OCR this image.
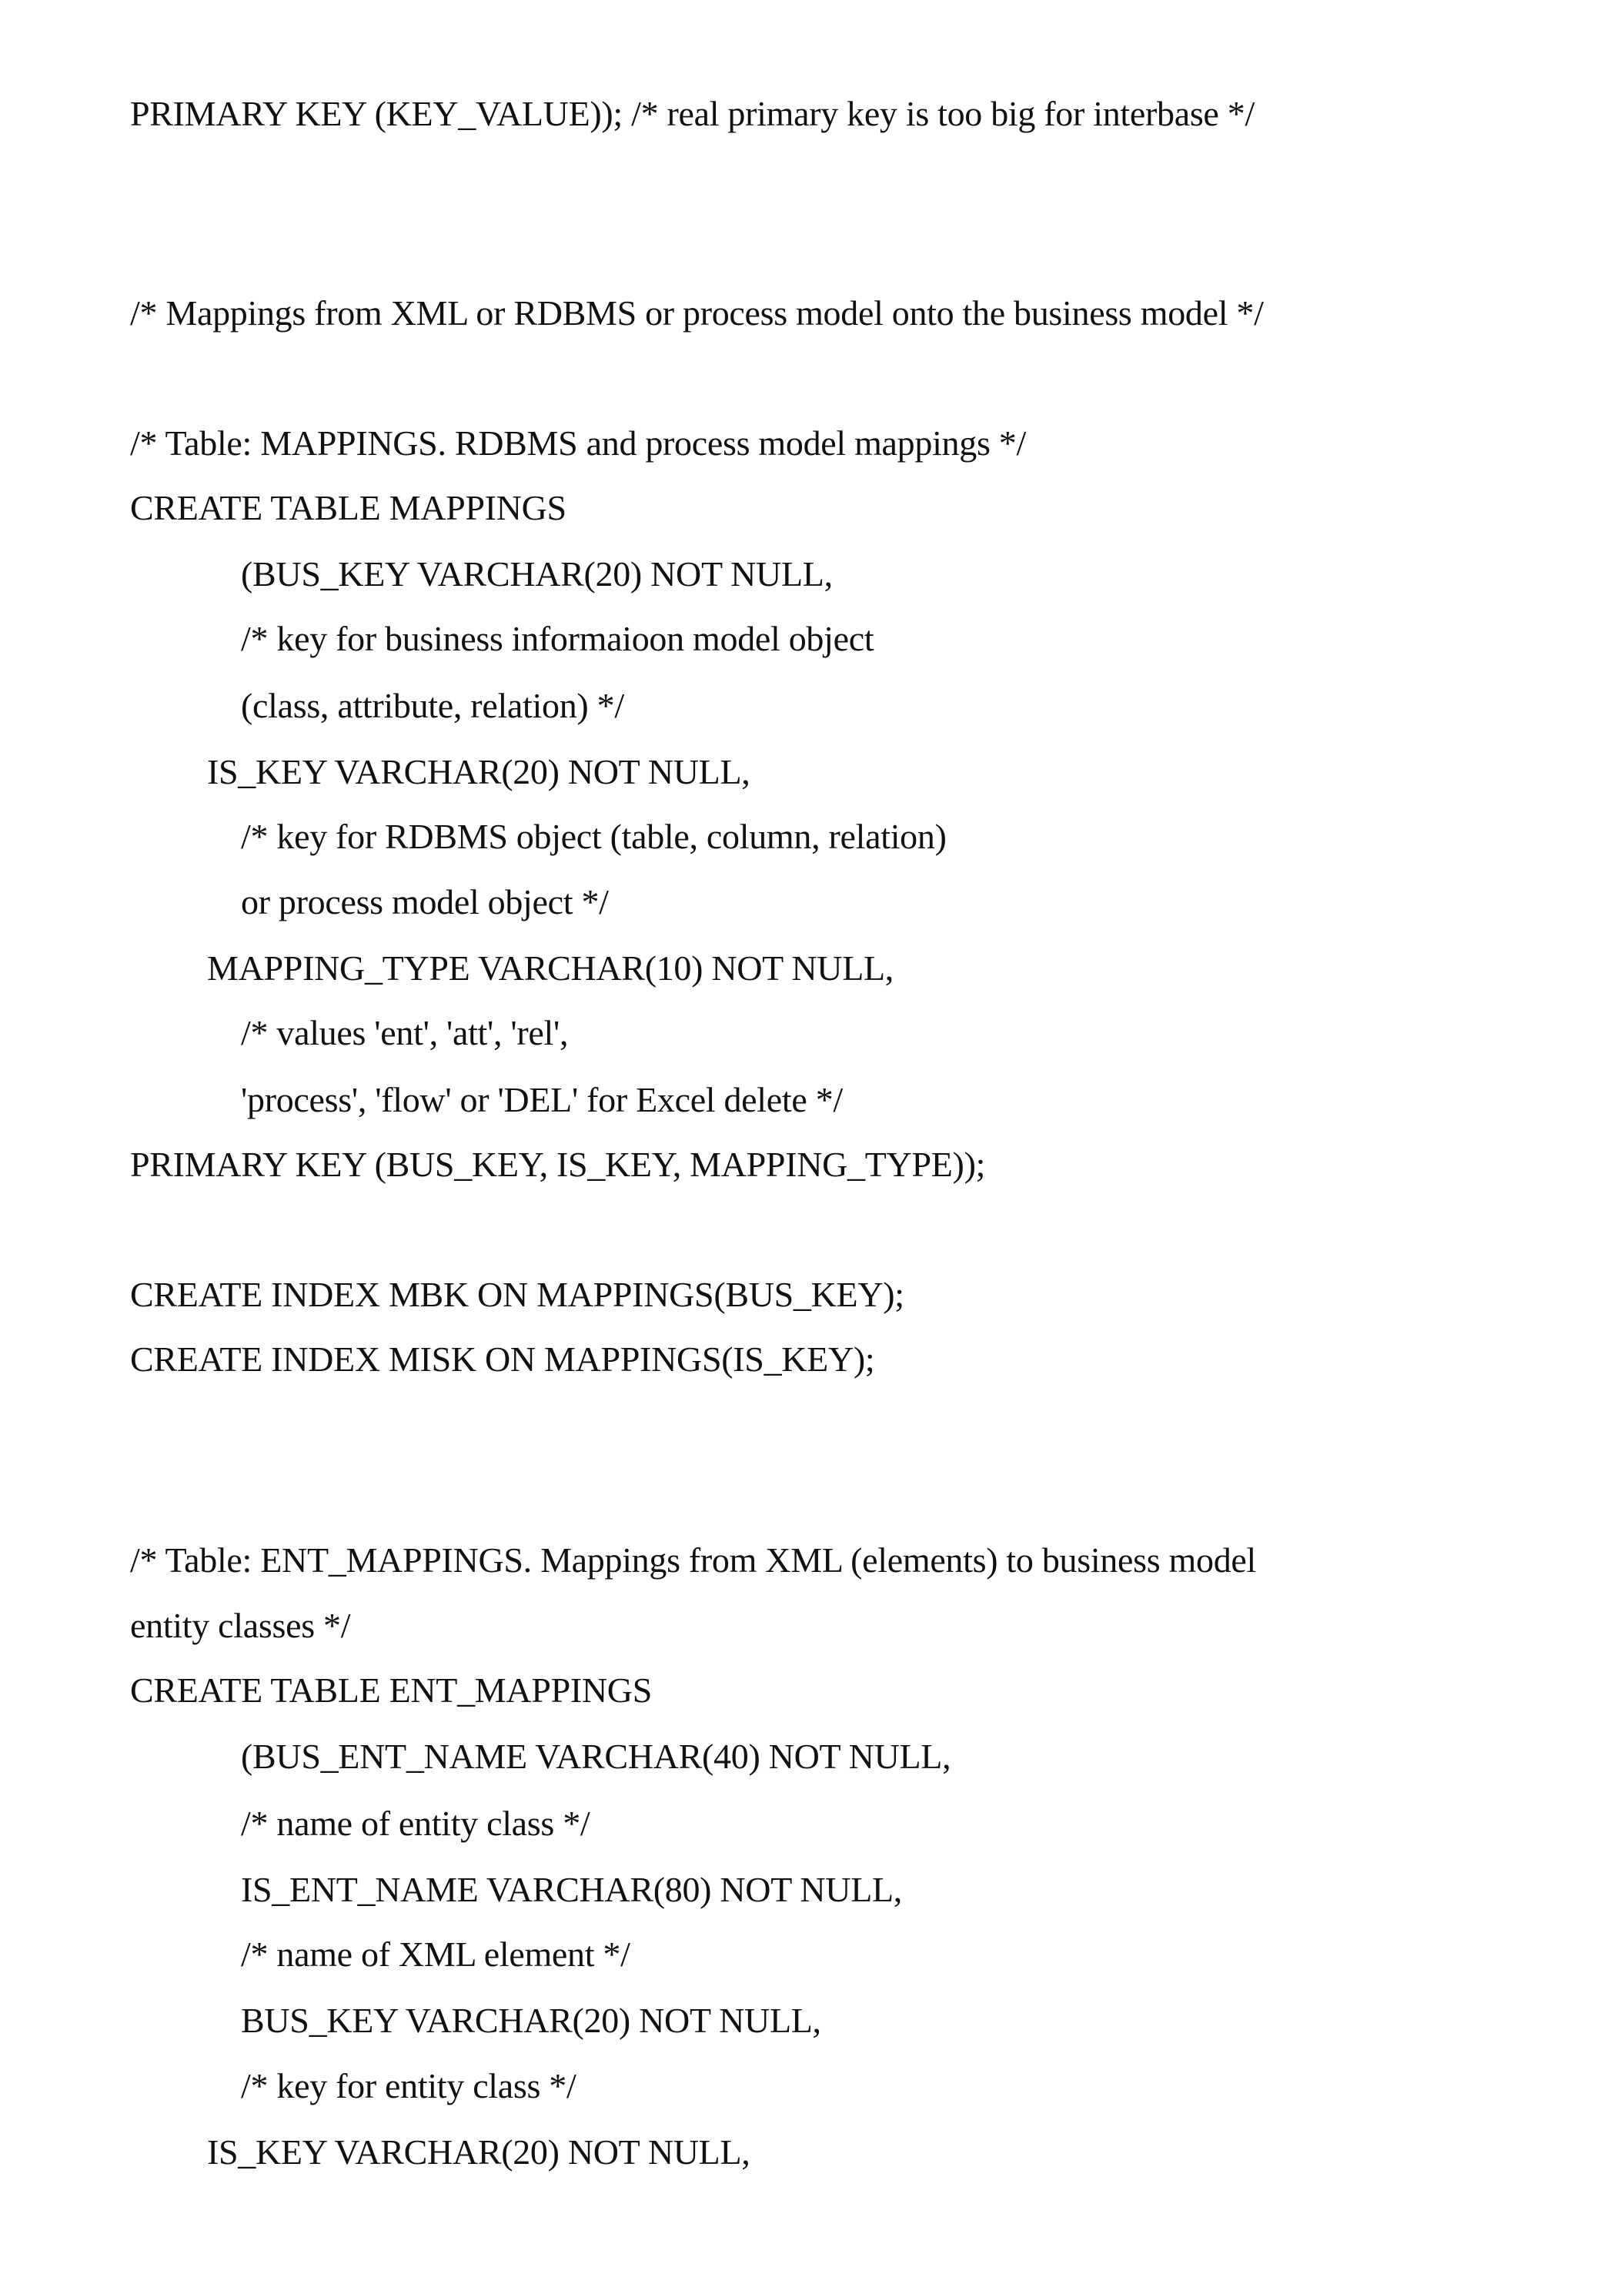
PRIMARY KEY (KEY_VALUE)); /* real primary key is too big for interbase */
/* Mappings from XML or RDBMS or process model onto the business model */
/* Table: MAPPINGS. RDBMS and process model mappings */
CREATE TABLE MAPPINGS
(BUS_KEY VARCHAR(20) NOT NULL,
/* key for business informaioon model object
(class, attribute, relation) */
IS_KEY VARCHAR(20) NOT NULL,
/* key for RDBMS object (table, column, relation)
or process model object */
MAPPING_TYPE VARCHAR(10) NOT NULL,
/* values 'ent', 'att', 'rel',
'process', 'flow' or 'DEL' for Excel delete */
PRIMARY KEY (BUS_KEY, IS_KEY, MAPPING_TYPE));
CREATE INDEX MBK ON MAPPINGS(BUS_KEY);
CREATE INDEX MISK ON MAPPINGS(IS_KEY);
/* Table: ENT_MAPPINGS. Mappings from XML (elements) to business model
entity classes */
CREATE TABLE ENT_MAPPINGS
(BUS_ENT_NAME VARCHAR(40) NOT NULL,
/* name of entity class */
IS_ENT_NAME VARCHAR(80) NOT NULL,
/* name of XML element */
BUS_KEY VARCHAR(20) NOT NULL,
/* key for entity class */
IS_KEY VARCHAR(20) NOT NULL,
